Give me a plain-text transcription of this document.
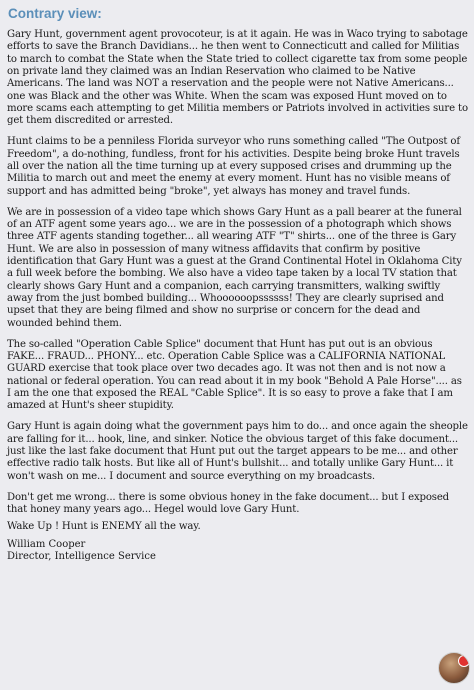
Contrary view:
Gary Hunt, government agent provocoteur, is at it again. He was in Waco trying to sabotage efforts to save the Branch Davidians... he then went to Connecticutt and called for Militias to march to combat the State when the State tried to collect cigarette tax from some people on private land they claimed was an Indian Reservation who claimed to be Native Americans. The land was NOT a reservation and the people were not Native Americans... one was Black and the other was White. When the scam was exposed Hunt moved on to more scams each attempting to get Militia members or Patriots involved in activities sure to get them discredited or arrested.
Hunt claims to be a penniless Florida surveyor who runs something called "The Outpost of Freedom", a do-nothing, fundless, front for his activities. Despite being broke Hunt travels all over the nation all the time turning up at every supposed crises and drumming up the Militia to march out and meet the enemy at every moment. Hunt has no visible means of support and has admitted being "broke", yet always has money and travel funds.
We are in possession of a video tape which shows Gary Hunt as a pall bearer at the funeral of an ATF agent some years ago... we are in the possession of a photograph which shows three ATF agents standing together... all wearing ATF "T" shirts... one of the three is Gary Hunt. We are also in possession of many witness affidavits that confirm by positive identification that Gary Hunt was a guest at the Grand Continental Hotel in Oklahoma City a full week before the bombing. We also have a video tape taken by a local TV station that clearly shows Gary Hunt and a companion, each carrying transmitters, walking swiftly away from the just bombed building... Whoooooopssssss! They are clearly suprised and upset that they are being filmed and show no surprise or concern for the dead and wounded behind them.
The so-called "Operation Cable Splice" document that Hunt has put out is an obvious FAKE... FRAUD... PHONY... etc. Operation Cable Splice was a CALIFORNIA NATIONAL GUARD exercise that took place over two decades ago. It was not then and is not now a national or federal operation. You can read about it in my book "Behold A Pale Horse".... as I am the one that exposed the REAL "Cable Splice". It is so easy to prove a fake that I am amazed at Hunt's sheer stupidity.
Gary Hunt is again doing what the government pays him to do... and once again the sheople are falling for it... hook, line, and sinker. Notice the obvious target of this fake document... just like the last fake document that Hunt put out the target appears to be me... and other effective radio talk hosts. But like all of Hunt's bullshit... and totally unlike Gary Hunt... it won't wash on me... I document and source everything on my broadcasts.
Don't get me wrong... there is some obvious honey in the fake document... but I exposed that honey many years ago... Hegel would love Gary Hunt.
Wake Up ! Hunt is ENEMY all the way.
William Cooper
Director, Intelligence Service
